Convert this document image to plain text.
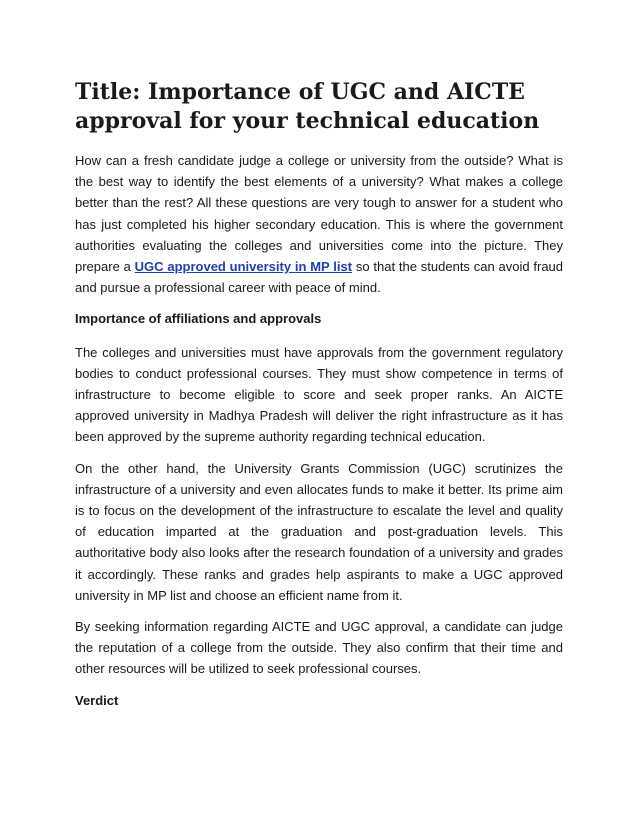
Title: Importance of UGC and AICTE approval for your technical education

How can a fresh candidate judge a college or university from the outside? What is the best way to identify the best elements of a university? What makes a college better than the rest? All these questions are very tough to answer for a student who has just completed his higher secondary education. This is where the government authorities evaluating the colleges and universities come into the picture. They prepare a UGC approved university in MP list so that the students can avoid fraud and pursue a professional career with peace of mind.

Importance of affiliations and approvals

The colleges and universities must have approvals from the government regulatory bodies to conduct professional courses. They must show competence in terms of infrastructure to become eligible to score and seek proper ranks. An AICTE approved university in Madhya Pradesh will deliver the right infrastructure as it has been approved by the supreme authority regarding technical education.

On the other hand, the University Grants Commission (UGC) scrutinizes the infrastructure of a university and even allocates funds to make it better. Its prime aim is to focus on the development of the infrastructure to escalate the level and quality of education imparted at the graduation and post-graduation levels. This authoritative body also looks after the research foundation of a university and grades it accordingly. These ranks and grades help aspirants to make a UGC approved university in MP list and choose an efficient name from it.

By seeking information regarding AICTE and UGC approval, a candidate can judge the reputation of a college from the outside. They also confirm that their time and other resources will be utilized to seek professional courses.

Verdict
